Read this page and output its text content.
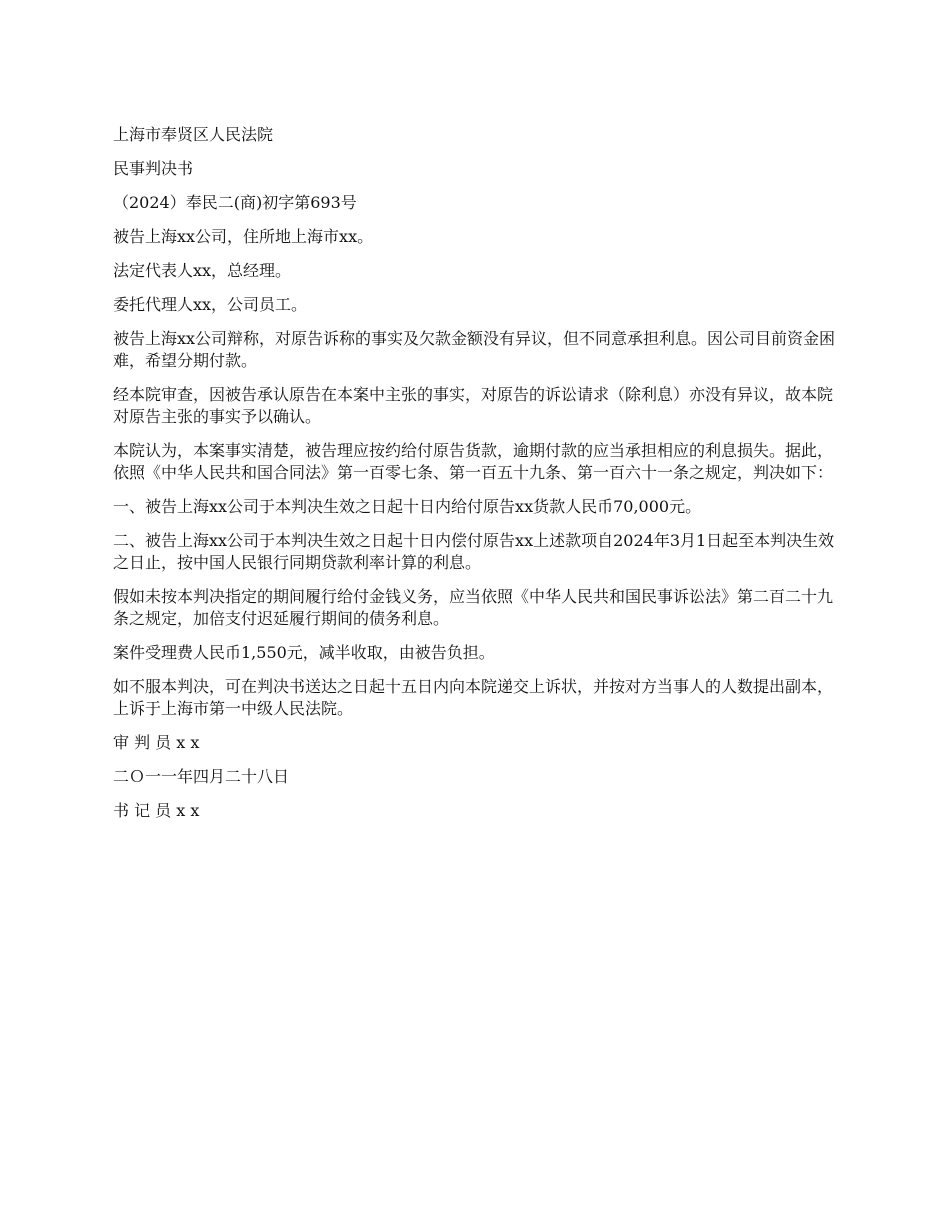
上海市奉贤区人民法院

民事判决书

（2024）奉民二(商)初字第693号

被告上海xx公司，住所地上海市xx。

法定代表人xx，总经理。

委托代理人xx，公司员工。

被告上海xx公司辩称，对原告诉称的事实及欠款金额没有异议，但不同意承担利息。因公司目前资金困难，希望分期付款。

经本院审查，因被告承认原告在本案中主张的事实，对原告的诉讼请求（除利息）亦没有异议，故本院对原告主张的事实予以确认。

本院认为，本案事实清楚，被告理应按约给付原告货款，逾期付款的应当承担相应的利息损失。据此，依照《中华人民共和国合同法》第一百零七条、第一百五十九条、第一百六十一条之规定，判决如下：

一、被告上海xx公司于本判决生效之日起十日内给付原告xx货款人民币70,000元。

二、被告上海xx公司于本判决生效之日起十日内偿付原告xx上述款项自2024年3月1日起至本判决生效之日止，按中国人民银行同期贷款利率计算的利息。

假如未按本判决指定的期间履行给付金钱义务，应当依照《中华人民共和国民事诉讼法》第二百二十九条之规定，加倍支付迟延履行期间的债务利息。

案件受理费人民币1,550元，减半收取，由被告负担。

如不服本判决，可在判决书送达之日起十五日内向本院递交上诉状，并按对方当事人的人数提出副本，上诉于上海市第一中级人民法院。

审 判 员 x x

二Ｏ一一年四月二十八日

书 记 员 x x
